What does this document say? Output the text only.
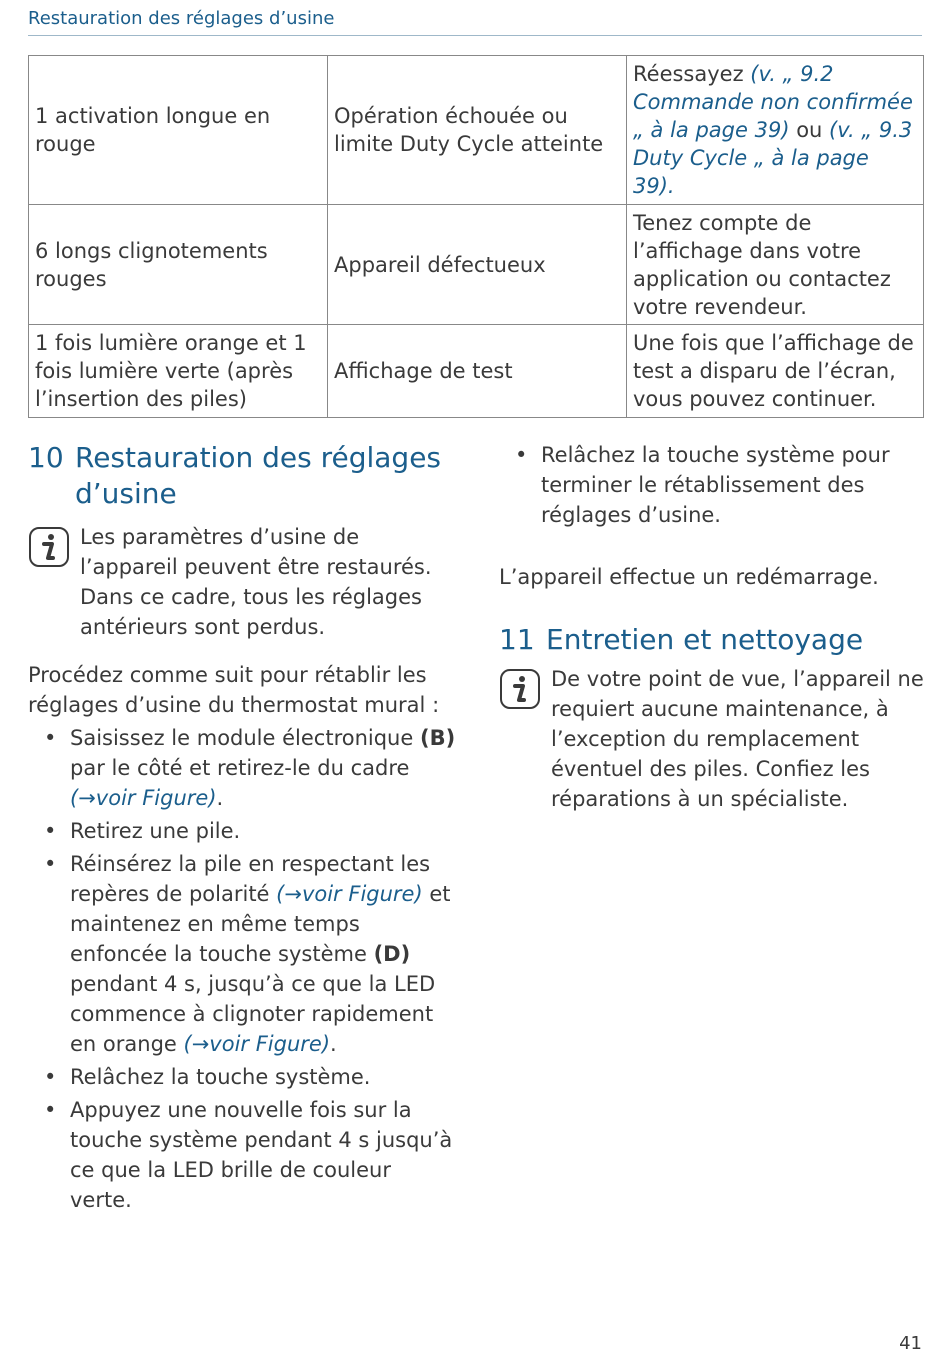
Restauration des réglages d’usine
1 activation longue en rouge	Opération échouée ou limite Duty Cycle atteinte	Réessayez (v. „ 9.2 Commande non confirmée „ à la page 39) ou (v. „ 9.3 Duty Cycle „ à la page 39).
6 longs clignotements rouges	Appareil défectueux	Tenez compte de l’affichage dans votre application ou contactez votre revendeur.
1 fois lumière orange et 1 fois lumière verte (après l’insertion des piles)	Affichage de test	Une fois que l’affichage de test a disparu de l’écran, vous pouvez continuer.
10 Restauration des réglages d’usine
Les paramètres d’usine de l’appareil peuvent être restaurés. Dans ce cadre, tous les réglages antérieurs sont perdus.

Procédez comme suit pour rétablir les réglages d’usine du thermostat mural :

• Saisissez le module électronique (B) par le côté et retirez-le du cadre (→voir Figure).
• Retirez une pile.
• Réinsérez la pile en respectant les repères de polarité (→voir Figure) et maintenez en même temps enfoncée la touche système (D) pendant 4 s, jusqu’à ce que la LED commence à clignoter rapidement en orange (→voir Figure).
• Relâchez la touche système.
• Appuyez une nouvelle fois sur la touche système pendant 4 s jusqu’à ce que la LED brille de couleur verte.
• Relâchez la touche système pour terminer le rétablissement des réglages d’usine.

L’appareil effectue un redémarrage.

11 Entretien et nettoyage
De votre point de vue, l’appareil ne requiert aucune maintenance, à l’exception du remplacement éventuel des piles. Confiez les réparations à un spécialiste.
41
